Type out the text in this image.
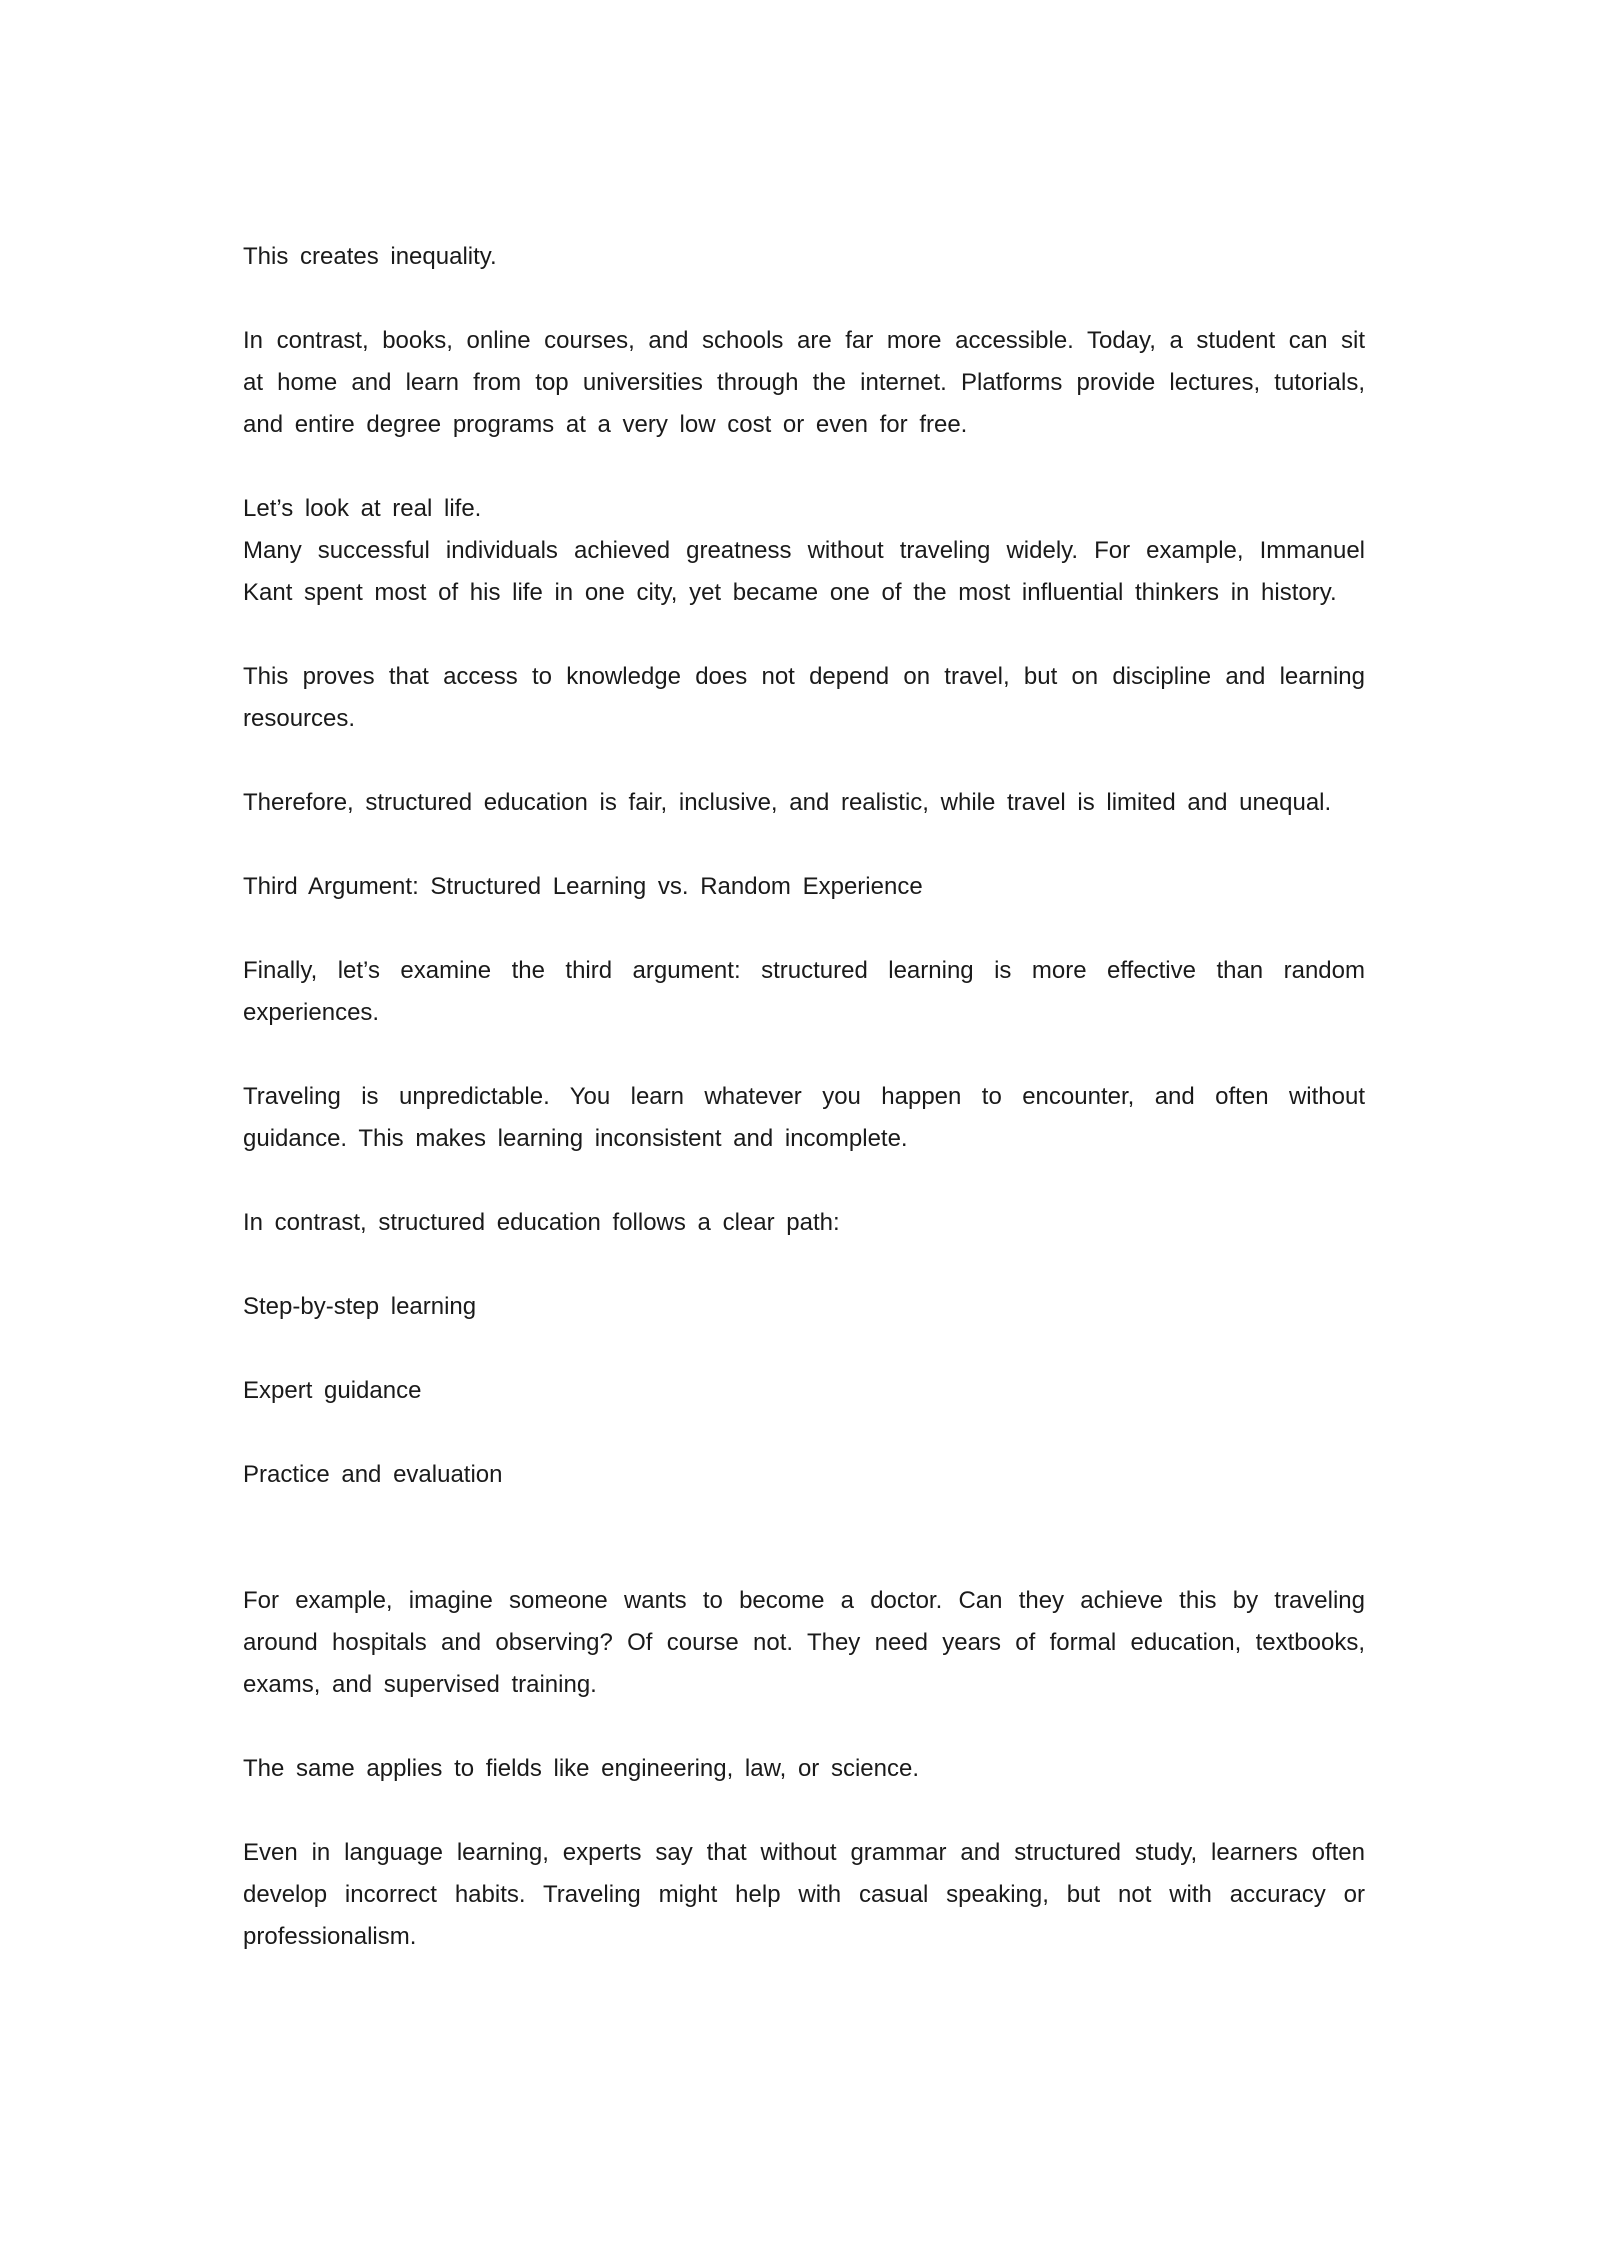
This creates inequality.

In contrast, books, online courses, and schools are far more accessible. Today, a student can sit at home and learn from top universities through the internet. Platforms provide lectures, tutorials, and entire degree programs at a very low cost or even for free.

Let’s look at real life.

Many successful individuals achieved greatness without traveling widely. For example, Immanuel Kant spent most of his life in one city, yet became one of the most influential thinkers in history.

This proves that access to knowledge does not depend on travel, but on discipline and learning resources.

Therefore, structured education is fair, inclusive, and realistic, while travel is limited and unequal.

Third Argument: Structured Learning vs. Random Experience

Finally, let’s examine the third argument: structured learning is more effective than random experiences.

Traveling is unpredictable. You learn whatever you happen to encounter, and often without guidance. This makes learning inconsistent and incomplete.

In contrast, structured education follows a clear path:

Step-by-step learning

Expert guidance

Practice and evaluation

For example, imagine someone wants to become a doctor. Can they achieve this by traveling around hospitals and observing? Of course not. They need years of formal education, textbooks, exams, and supervised training.

The same applies to fields like engineering, law, or science.

Even in language learning, experts say that without grammar and structured study, learners often develop incorrect habits. Traveling might help with casual speaking, but not with accuracy or professionalism.
